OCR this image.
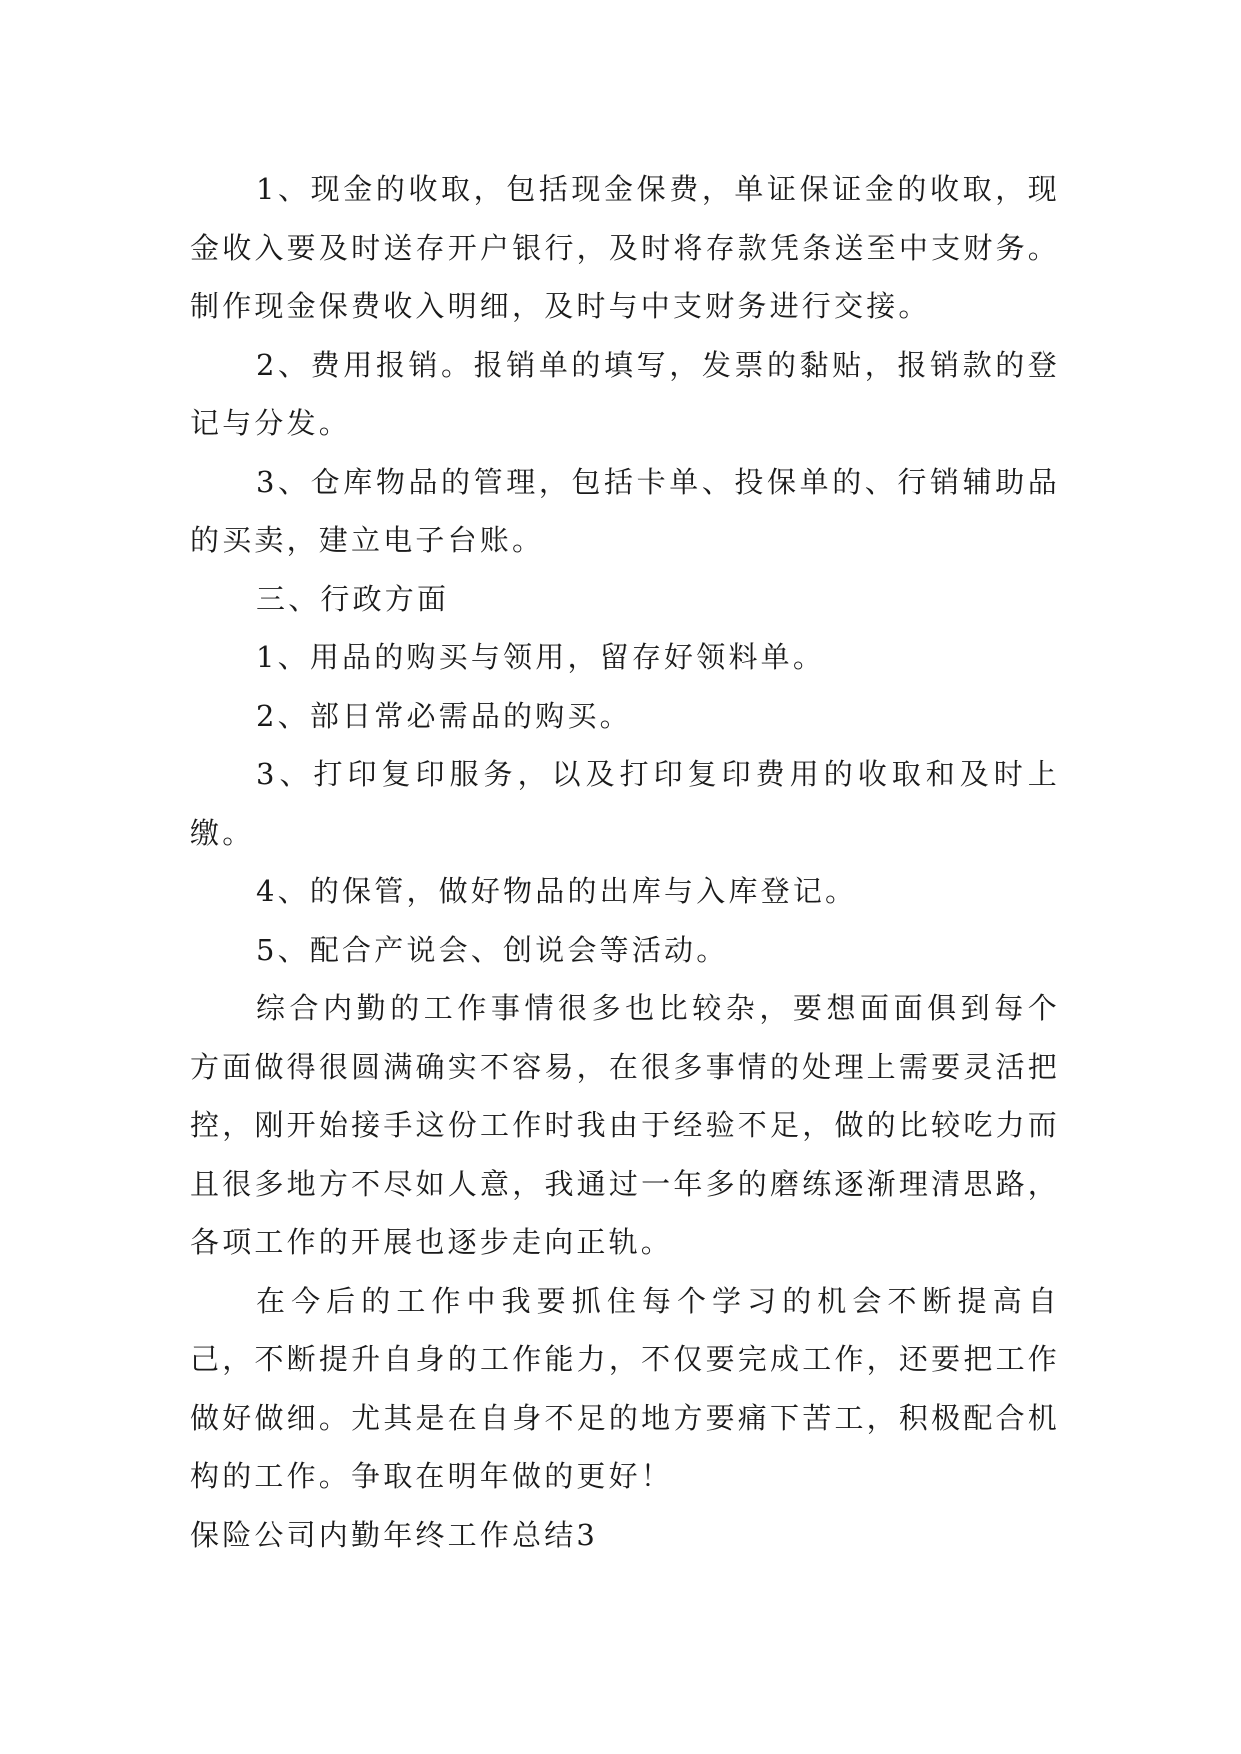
1、现金的收取，包括现金保费，单证保证金的收取，现金收入要及时送存开户银行，及时将存款凭条送至中支财务。制作现金保费收入明细，及时与中支财务进行交接。

2、费用报销。报销单的填写，发票的黏贴，报销款的登记与分发。

3、仓库物品的管理，包括卡单、投保单的、行销辅助品的买卖，建立电子台账。

三、行政方面

1、用品的购买与领用，留存好领料单。

2、部日常必需品的购买。

3、打印复印服务，以及打印复印费用的收取和及时上缴。

4、的保管，做好物品的出库与入库登记。

5、配合产说会、创说会等活动。

综合内勤的工作事情很多也比较杂，要想面面俱到每个方面做得很圆满确实不容易，在很多事情的处理上需要灵活把控，刚开始接手这份工作时我由于经验不足，做的比较吃力而且很多地方不尽如人意，我通过一年多的磨练逐渐理清思路，各项工作的开展也逐步走向正轨。

在今后的工作中我要抓住每个学习的机会不断提高自己，不断提升自身的工作能力，不仅要完成工作，还要把工作做好做细。尤其是在自身不足的地方要痛下苦工，积极配合机构的工作。争取在明年做的更好！

保险公司内勤年终工作总结3
